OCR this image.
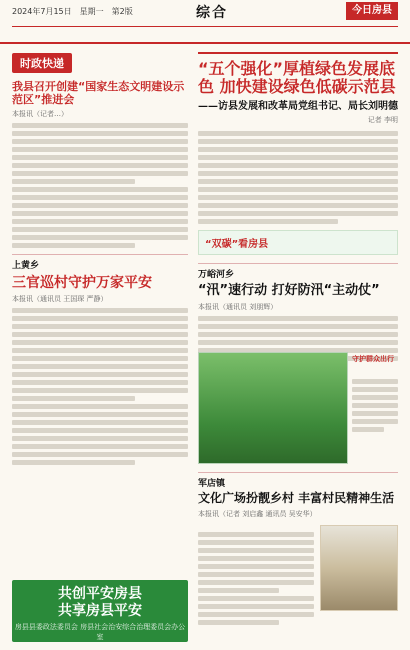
2024年7月15日　星期一　第2版	综合	今日房县
时政快递
我县召开创建“国家生态文明建设示范区”推进会
本报讯（记者…）
上黄乡
三官巡村守护万家平安
本报讯（通讯员 王国琛 严静）
共创平安房县
共享房县平安
房县县委政法委员会 房县社会治安综合治理委员会办公室
“五个强化”厚植绿色发展底色 加快建设绿色低碳示范县
——访县发展和改革局党组书记、局长刘明德
记者 李明
“双碳”看房县
万峪河乡
“汛”速行动 打好防汛“主动仗”
本报讯（通讯员 刘朋辉）
守护群众出行
军店镇
文化广场扮靓乡村 丰富村民精神生活
本报讯（记者 刘启鑫 通讯员 吴安华）
